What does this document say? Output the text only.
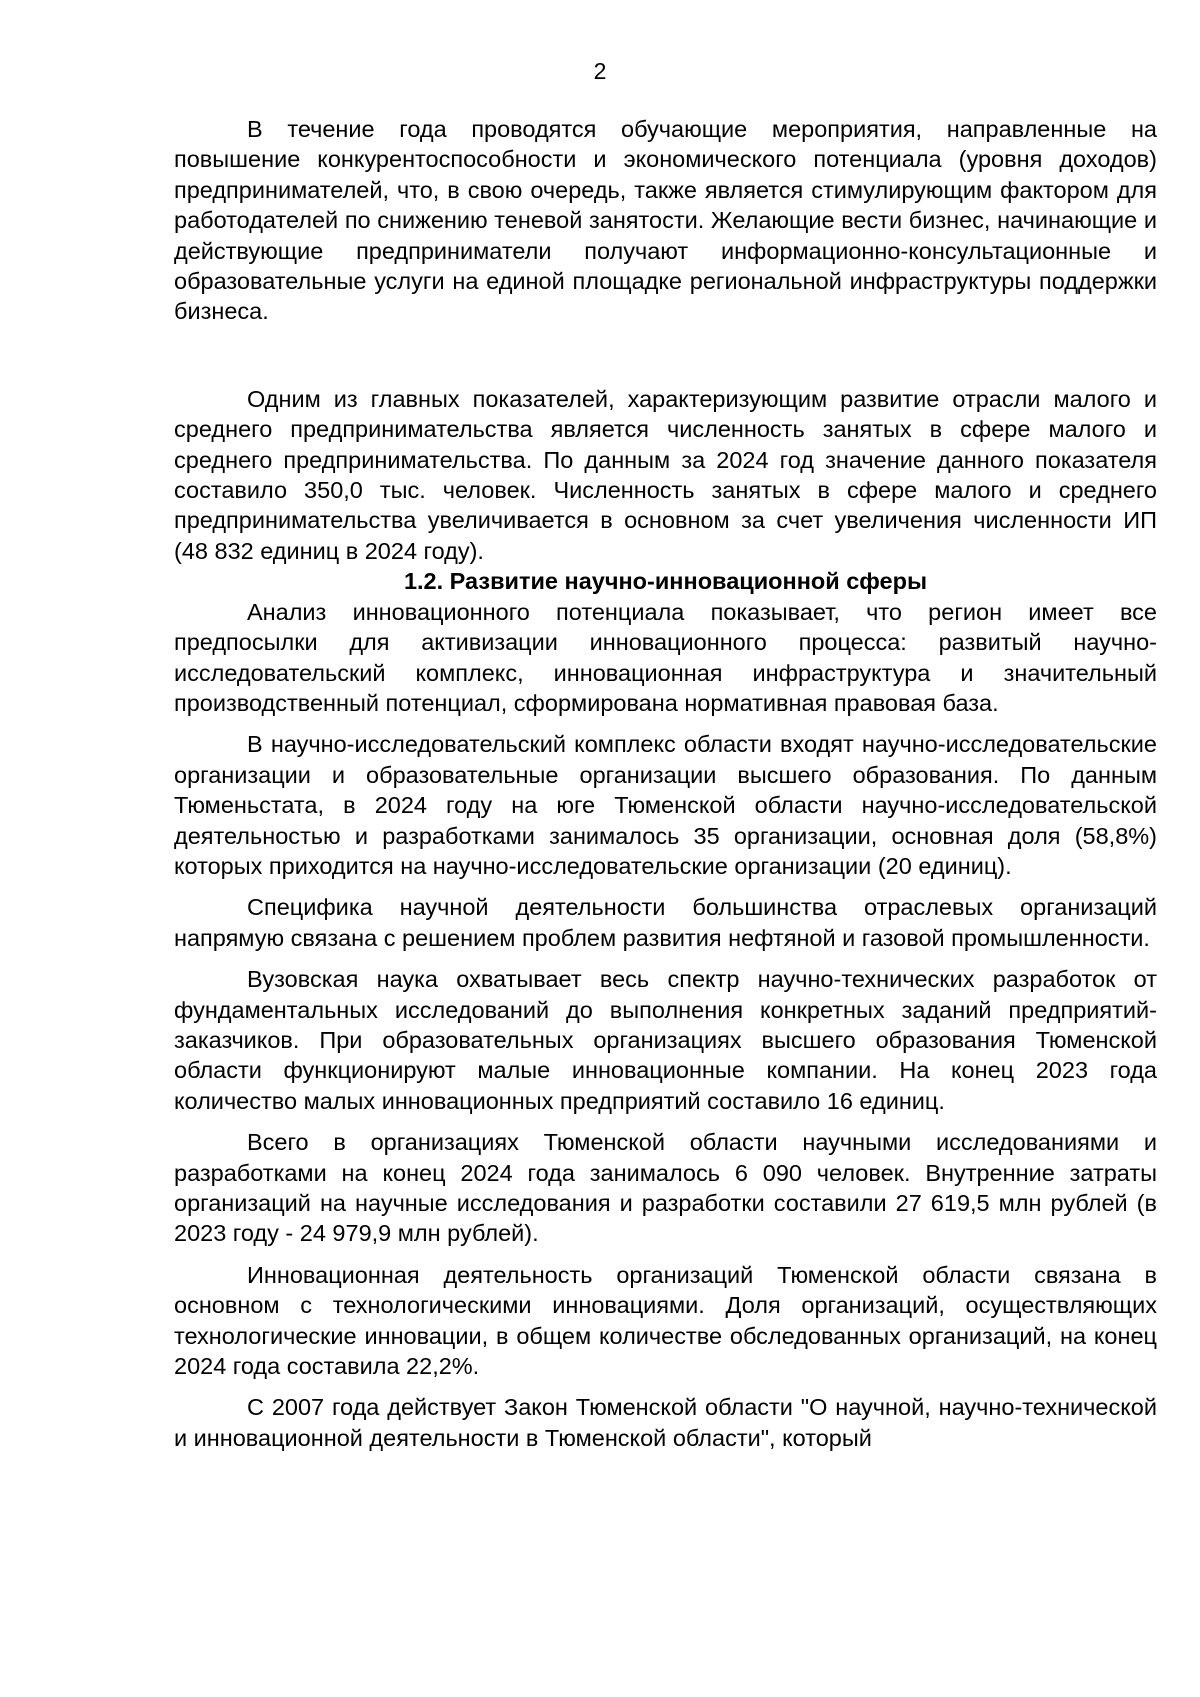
2

В течение года проводятся обучающие мероприятия, направленные на повышение конкурентоспособности и экономического потенциала (уровня доходов) предпринимателей, что, в свою очередь, также является стимулирующим фактором для работодателей по снижению теневой занятости. Желающие вести бизнес, начинающие и действующие предприниматели получают информационно-консультационные и образовательные услуги на единой площадке региональной инфраструктуры поддержки бизнеса.

Одним из главных показателей, характеризующим развитие отрасли малого и среднего предпринимательства является численность занятых в сфере малого и среднего предпринимательства. По данным за 2024 год значение данного показателя составило 350,0 тыс. человек. Численность занятых в сфере малого и среднего предпринимательства увеличивается в основном за счет увеличения численности ИП (48 832 единиц в 2024 году).

1.2. Развитие научно-инновационной сферы

Анализ инновационного потенциала показывает, что регион имеет все предпосылки для активизации инновационного процесса: развитый научно-исследовательский комплекс, инновационная инфраструктура и значительный производственный потенциал, сформирована нормативная правовая база.

В научно-исследовательский комплекс области входят научно-исследовательские организации и образовательные организации высшего образования. По данным Тюменьстата, в 2024 году на юге Тюменской области научно-исследовательской деятельностью и разработками занималось 35 организации, основная доля (58,8%) которых приходится на научно-исследовательские организации (20 единиц).

Специфика научной деятельности большинства отраслевых организаций напрямую связана с решением проблем развития нефтяной и газовой промышленности.

Вузовская наука охватывает весь спектр научно-технических разработок от фундаментальных исследований до выполнения конкретных заданий предприятий-заказчиков. При образовательных организациях высшего образования Тюменской области функционируют малые инновационные компании. На конец 2023 года количество малых инновационных предприятий составило 16 единиц.

Всего в организациях Тюменской области научными исследованиями и разработками на конец 2024 года занималось 6 090 человек. Внутренние затраты организаций на научные исследования и разработки составили 27 619,5 млн рублей (в 2023 году - 24 979,9 млн рублей).

Инновационная деятельность организаций Тюменской области связана в основном с технологическими инновациями. Доля организаций, осуществляющих технологические инновации, в общем количестве обследованных организаций, на конец 2024 года составила 22,2%.

С 2007 года действует Закон Тюменской области "О научной, научно-технической и инновационной деятельности в Тюменской области", который
